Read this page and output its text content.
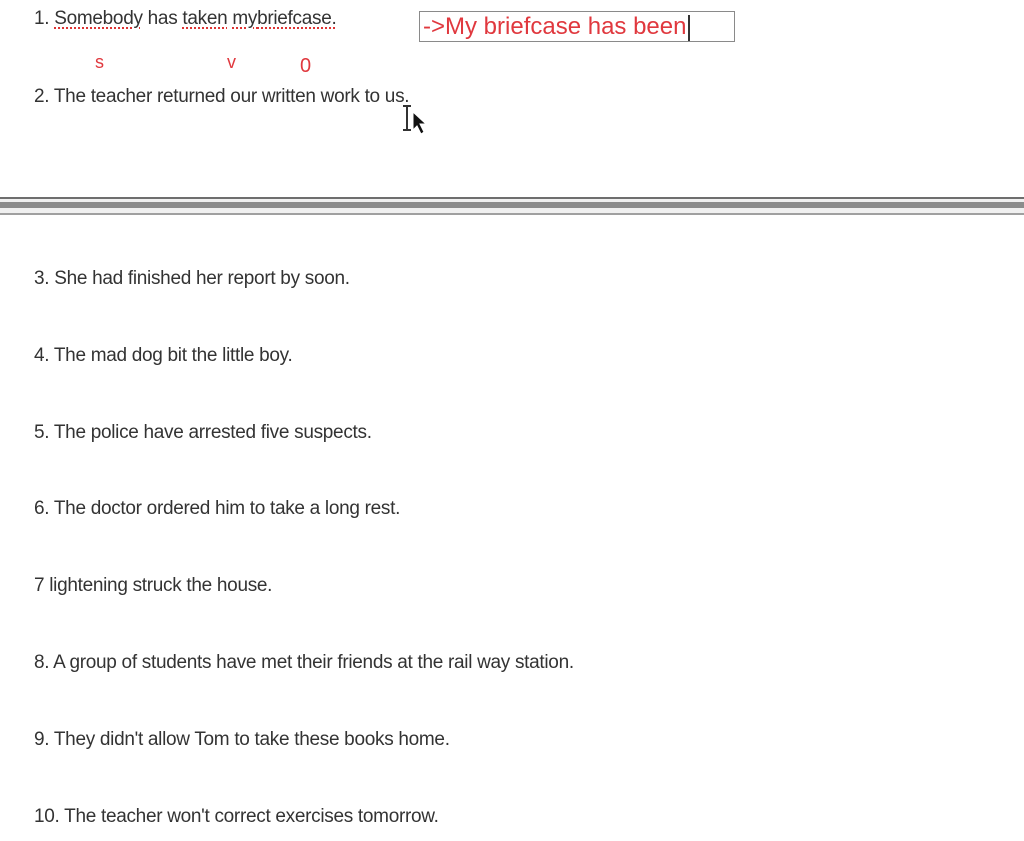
1. Somebody has taken mybriefcase.
s	v	0
->My briefcase has been
2. The teacher returned our written work to us.
3. She had finished her report by soon.
4. The mad dog bit the little boy.
5. The police have arrested five suspects.
6. The doctor ordered him to take a long rest.
7 lightening struck the house.
8. A group of students have met their friends at the rail way station.
9. They didn't allow Tom to take these books home.
10. The teacher won't correct exercises tomorrow.
